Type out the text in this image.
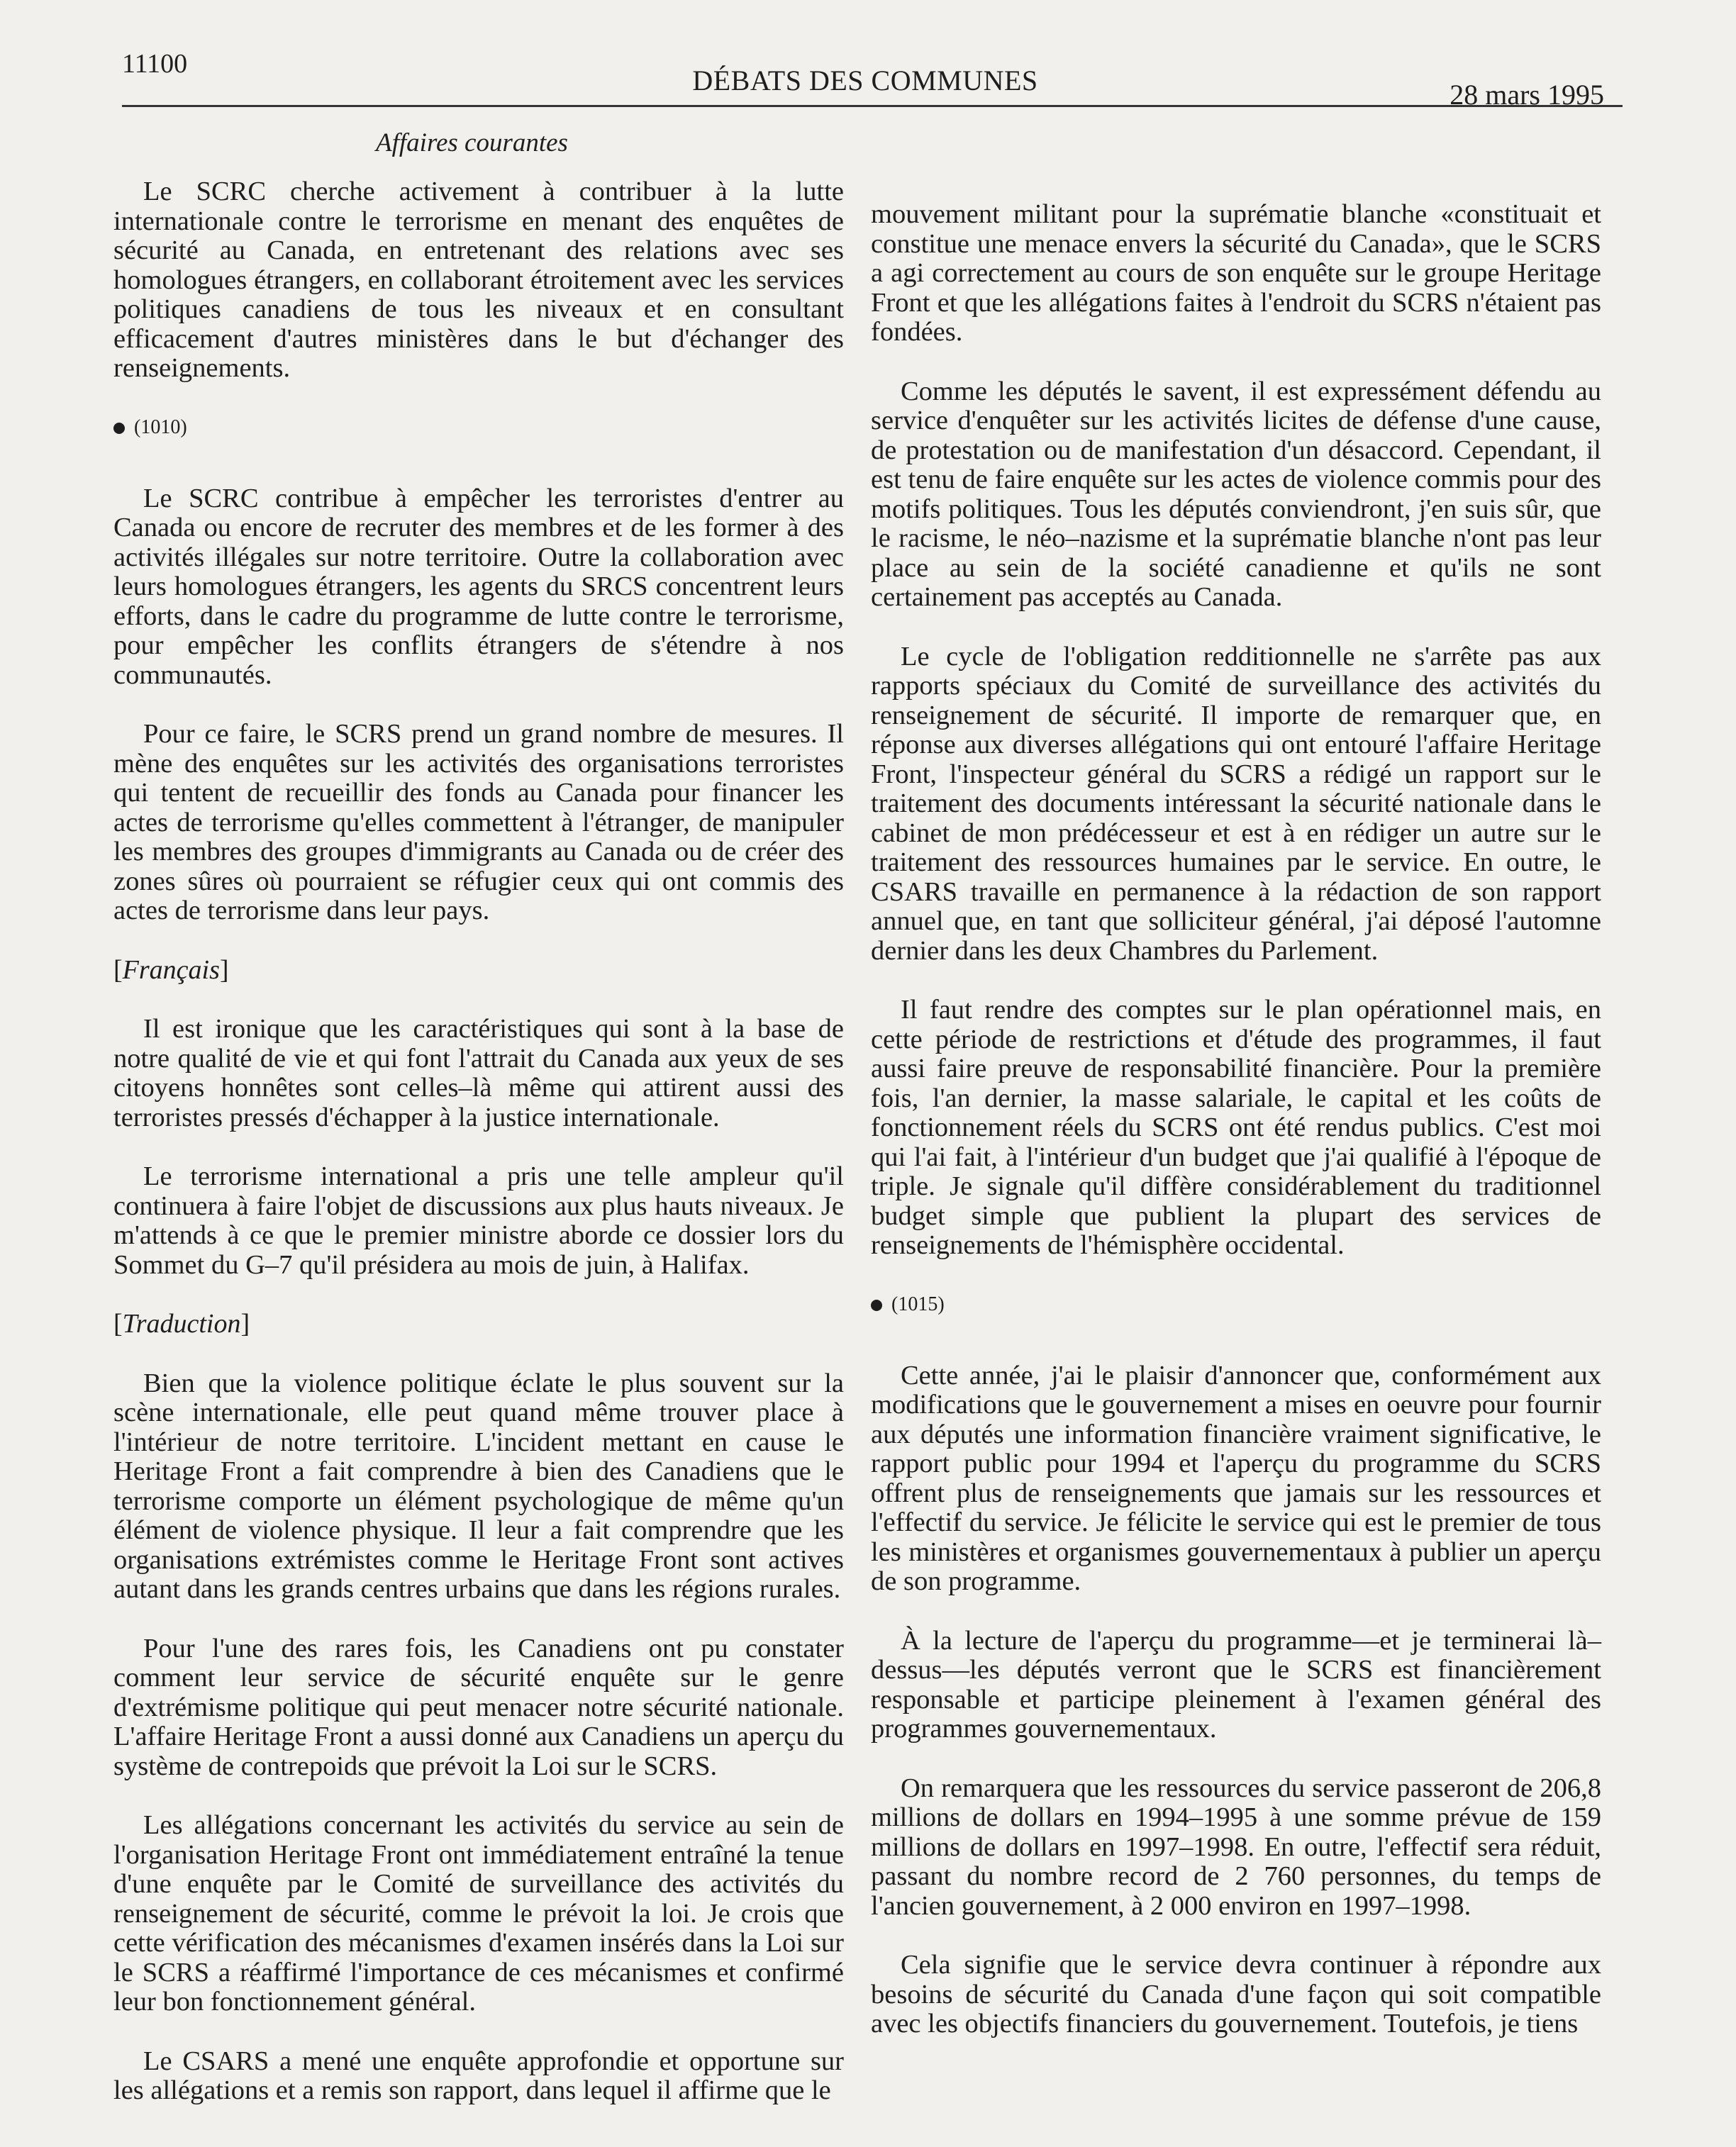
11100
DÉBATS DES COMMUNES	28 mars 1995
Affaires courantes

Le SCRC cherche activement à contribuer à la lutte internationale contre le terrorisme en menant des enquêtes de sécurité au Canada, en entretenant des relations avec ses homologues étrangers, en collaborant étroitement avec les services politiques canadiens de tous les niveaux et en consultant efficacement d'autres ministères dans le but d'échanger des renseignements.

(1010)

Le SCRC contribue à empêcher les terroristes d'entrer au Canada ou encore de recruter des membres et de les former à des activités illégales sur notre territoire. Outre la collaboration avec leurs homologues étrangers, les agents du SRCS concentrent leurs efforts, dans le cadre du programme de lutte contre le terrorisme, pour empêcher les conflits étrangers de s'étendre à nos communautés.

Pour ce faire, le SCRS prend un grand nombre de mesures. Il mène des enquêtes sur les activités des organisations terroristes qui tentent de recueillir des fonds au Canada pour financer les actes de terrorisme qu'elles commettent à l'étranger, de manipuler les membres des groupes d'immigrants au Canada ou de créer des zones sûres où pourraient se réfugier ceux qui ont commis des actes de terrorisme dans leur pays.

[Français]

Il est ironique que les caractéristiques qui sont à la base de notre qualité de vie et qui font l'attrait du Canada aux yeux de ses citoyens honnêtes sont celles–là même qui attirent aussi des terroristes pressés d'échapper à la justice internationale.

Le terrorisme international a pris une telle ampleur qu'il continuera à faire l'objet de discussions aux plus hauts niveaux. Je m'attends à ce que le premier ministre aborde ce dossier lors du Sommet du G–7 qu'il présidera au mois de juin, à Halifax.

[Traduction]

Bien que la violence politique éclate le plus souvent sur la scène internationale, elle peut quand même trouver place à l'intérieur de notre territoire. L'incident mettant en cause le Heritage Front a fait comprendre à bien des Canadiens que le terrorisme comporte un élément psychologique de même qu'un élément de violence physique. Il leur a fait comprendre que les organisations extrémistes comme le Heritage Front sont actives autant dans les grands centres urbains que dans les régions rurales.

Pour l'une des rares fois, les Canadiens ont pu constater comment leur service de sécurité enquête sur le genre d'extrémisme politique qui peut menacer notre sécurité nationale. L'affaire Heritage Front a aussi donné aux Canadiens un aperçu du système de contrepoids que prévoit la Loi sur le SCRS.

Les allégations concernant les activités du service au sein de l'organisation Heritage Front ont immédiatement entraîné la tenue d'une enquête par le Comité de surveillance des activités du renseignement de sécurité, comme le prévoit la loi. Je crois que cette vérification des mécanismes d'examen insérés dans la Loi sur le SCRS a réaffirmé l'importance de ces mécanismes et confirmé leur bon fonctionnement général.

Le CSARS a mené une enquête approfondie et opportune sur les allégations et a remis son rapport, dans lequel il affirme que le

mouvement militant pour la suprématie blanche «constituait et constitue une menace envers la sécurité du Canada», que le SCRS a agi correctement au cours de son enquête sur le groupe Heritage Front et que les allégations faites à l'endroit du SCRS n'étaient pas fondées.

Comme les députés le savent, il est expressément défendu au service d'enquêter sur les activités licites de défense d'une cause, de protestation ou de manifestation d'un désaccord. Cependant, il est tenu de faire enquête sur les actes de violence commis pour des motifs politiques. Tous les députés conviendront, j'en suis sûr, que le racisme, le néo–nazisme et la suprématie blanche n'ont pas leur place au sein de la société canadienne et qu'ils ne sont certainement pas acceptés au Canada.

Le cycle de l'obligation redditionnelle ne s'arrête pas aux rapports spéciaux du Comité de surveillance des activités du renseignement de sécurité. Il importe de remarquer que, en réponse aux diverses allégations qui ont entouré l'affaire Heritage Front, l'inspecteur général du SCRS a rédigé un rapport sur le traitement des documents intéressant la sécurité nationale dans le cabinet de mon prédécesseur et est à en rédiger un autre sur le traitement des ressources humaines par le service. En outre, le CSARS travaille en permanence à la rédaction de son rapport annuel que, en tant que solliciteur général, j'ai déposé l'automne dernier dans les deux Chambres du Parlement.

Il faut rendre des comptes sur le plan opérationnel mais, en cette période de restrictions et d'étude des programmes, il faut aussi faire preuve de responsabilité financière. Pour la première fois, l'an dernier, la masse salariale, le capital et les coûts de fonctionnement réels du SCRS ont été rendus publics. C'est moi qui l'ai fait, à l'intérieur d'un budget que j'ai qualifié à l'époque de triple. Je signale qu'il diffère considérablement du traditionnel budget simple que publient la plupart des services de renseignements de l'hémisphère occidental.

(1015)

Cette année, j'ai le plaisir d'annoncer que, conformément aux modifications que le gouvernement a mises en oeuvre pour fournir aux députés une information financière vraiment significative, le rapport public pour 1994 et l'aperçu du programme du SCRS offrent plus de renseignements que jamais sur les ressources et l'effectif du service. Je félicite le service qui est le premier de tous les ministères et organismes gouvernementaux à publier un aperçu de son programme.

À la lecture de l'aperçu du programme—et je terminerai là–dessus—les députés verront que le SCRS est financièrement responsable et participe pleinement à l'examen général des programmes gouvernementaux.

On remarquera que les ressources du service passeront de 206,8 millions de dollars en 1994–1995 à une somme prévue de 159 millions de dollars en 1997–1998. En outre, l'effectif sera réduit, passant du nombre record de 2 760 personnes, du temps de l'ancien gouvernement, à 2 000 environ en 1997–1998.

Cela signifie que le service devra continuer à répondre aux besoins de sécurité du Canada d'une façon qui soit compatible avec les objectifs financiers du gouvernement. Toutefois, je tiens
